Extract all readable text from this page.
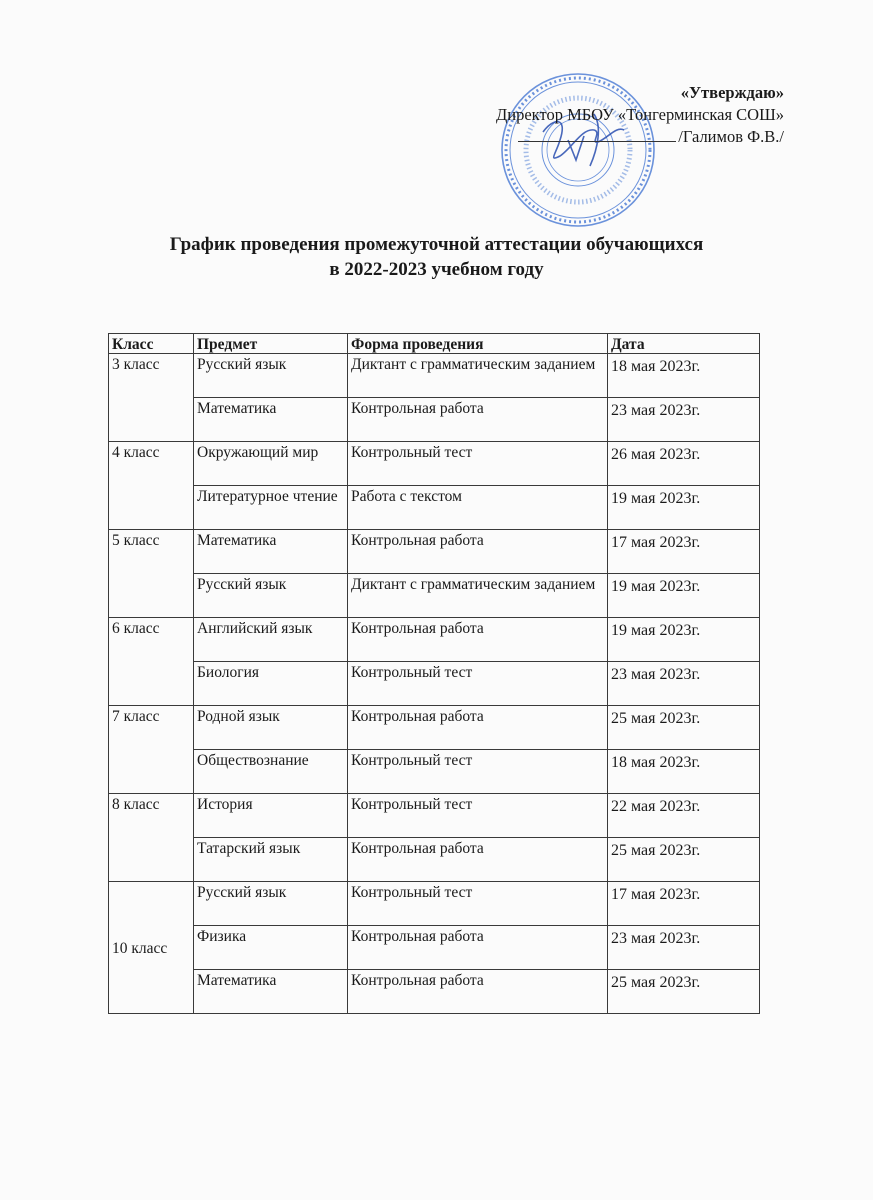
«Утверждаю»
Директор МБОУ «Тонгерминская СОШ»
/Галимов Ф.В./
График проведения промежуточной аттестации обучающихся
в 2022-2023 учебном году
Класс	Предмет	Форма проведения	Дата
3 класс	Русский язык	Диктант с грамматическим заданием	18 мая 2023г.
	Математика	Контрольная работа	23 мая 2023г.
4 класс	Окружающий мир	Контрольный тест	26 мая 2023г.
	Литературное чтение	Работа с текстом	19 мая 2023г.
5 класс	Математика	Контрольная работа	17 мая 2023г.
	Русский язык	Диктант с грамматическим заданием	19 мая 2023г.
6 класс	Английский язык	Контрольная работа	19 мая 2023г.
	Биология	Контрольный тест	23 мая 2023г.
7 класс	Родной язык	Контрольная работа	25 мая 2023г.
	Обществознание	Контрольный тест	18 мая 2023г.
8 класс	История	Контрольный тест	22 мая 2023г.
	Татарский язык	Контрольная работа	25 мая 2023г.
10 класс	Русский язык	Контрольный тест	17 мая 2023г.
	Физика	Контрольная работа	23 мая 2023г.
	Математика	Контрольная работа	25 мая 2023г.
